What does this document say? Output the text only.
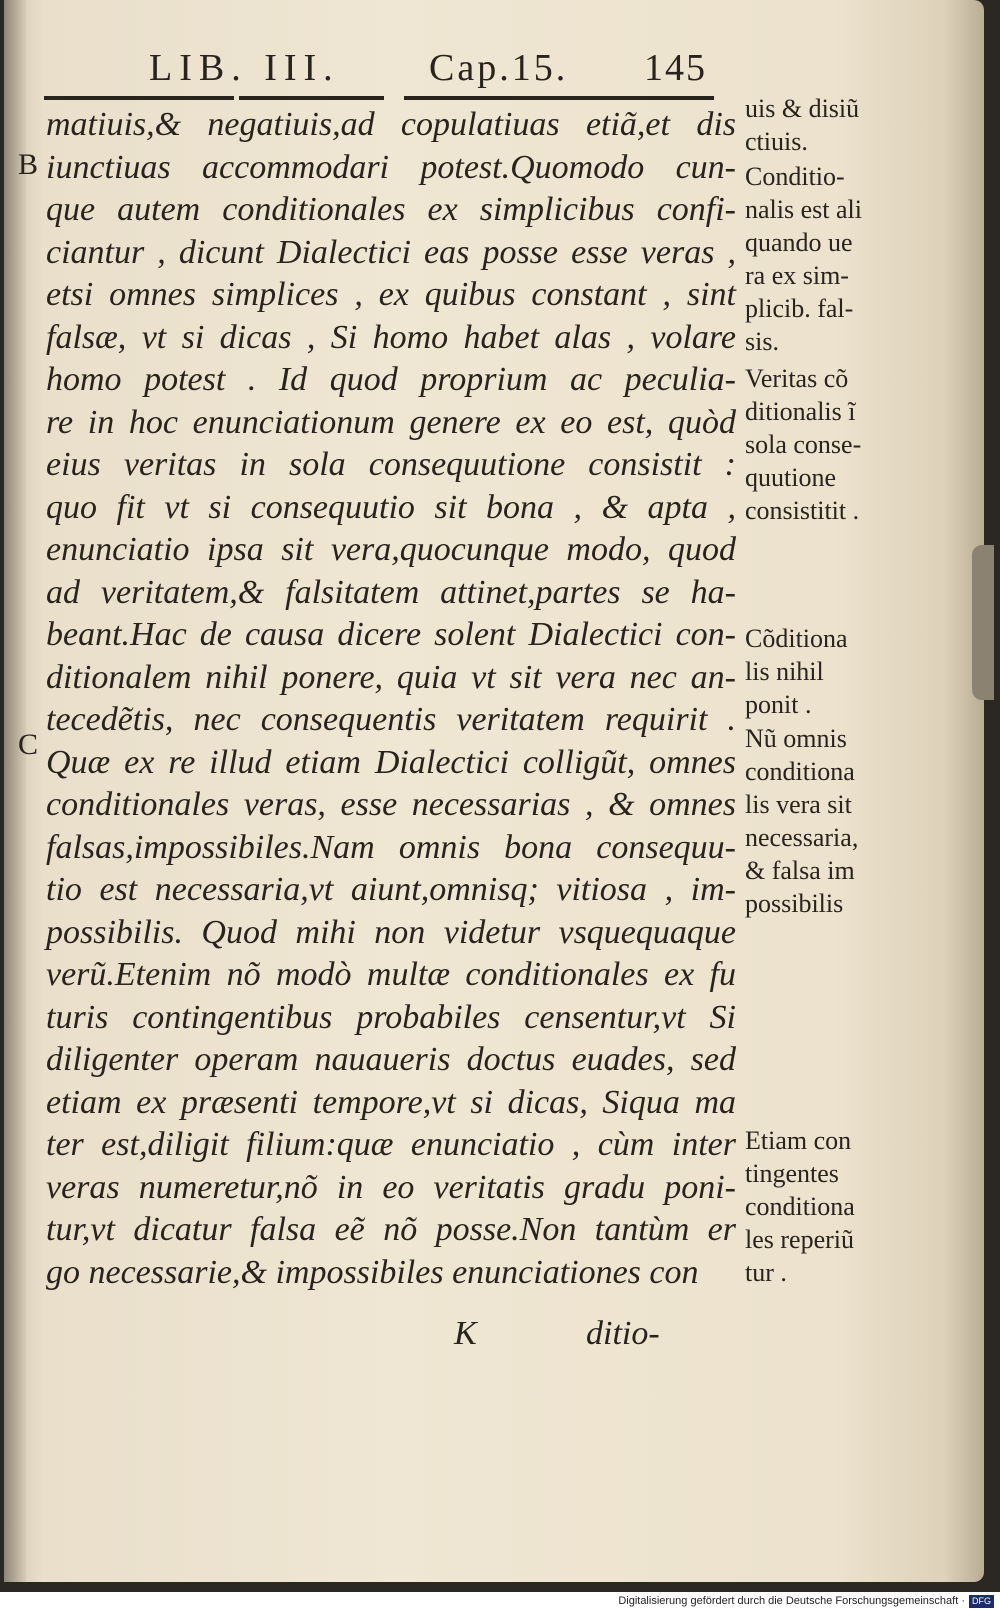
LIB. III. Cap.15. 145
B
C
matiuis,& negatiuis,ad copulatiuas etiã,et dis
iunctiuas accommodari potest.Quomodo cun-
que autem conditionales ex simplicibus confi-
ciantur , dicunt Dialectici eas posse esse veras ,
etsi omnes simplices , ex quibus constant , sint
falsæ, vt si dicas , Si homo habet alas , volare
homo potest . Id quod proprium ac peculia-
re in hoc enunciationum genere ex eo est, quòd
eius veritas in sola consequutione consistit :
quo fit vt si consequutio sit bona , & apta ,
enunciatio ipsa sit vera,quocunque modo, quod
ad veritatem,& falsitatem attinet,partes se ha-
beant.Hac de causa dicere solent Dialectici con-
ditionalem nihil ponere, quia vt sit vera nec an-
tecedẽtis, nec consequentis veritatem requirit .
Quæ ex re illud etiam Dialectici colligũt, omnes
conditionales veras, esse necessarias , & omnes
falsas,impossibiles.Nam omnis bona consequu-
tio est necessaria,vt aiunt,omnisq; vitiosa , im-
possibilis. Quod mihi non videtur vsquequaque
verũ.Etenim nõ modò multæ conditionales ex fu
turis contingentibus probabiles censentur,vt Si
diligenter operam nauaueris doctus euades, sed
etiam ex præsenti tempore,vt si dicas, Siqua ma
ter est,diligit filium:quæ enunciatio , cùm inter
veras numeretur,nõ in eo veritatis gradu poni-
tur,vt dicatur falsa eẽ nõ posse.Non tantùm er
go necessarie,& impossibiles enunciationes con
K	ditio-
uis & disiũ
ctiuis.
Conditio-
nalis est ali
quando ue
ra ex sim-
plicib. fal-
sis.
Veritas cõ
ditionalis ĩ
sola conse-
quutione
consistitit .
Cõditiona
lis nihil
ponit .
Nũ omnis
conditiona
lis vera sit
necessaria,
& falsa im
possibilis
Etiam con
tingentes
conditiona
les reperiũ
tur .
Digitalisierung gefördert durch die Deutsche Forschungsgemeinschaft · DFG
